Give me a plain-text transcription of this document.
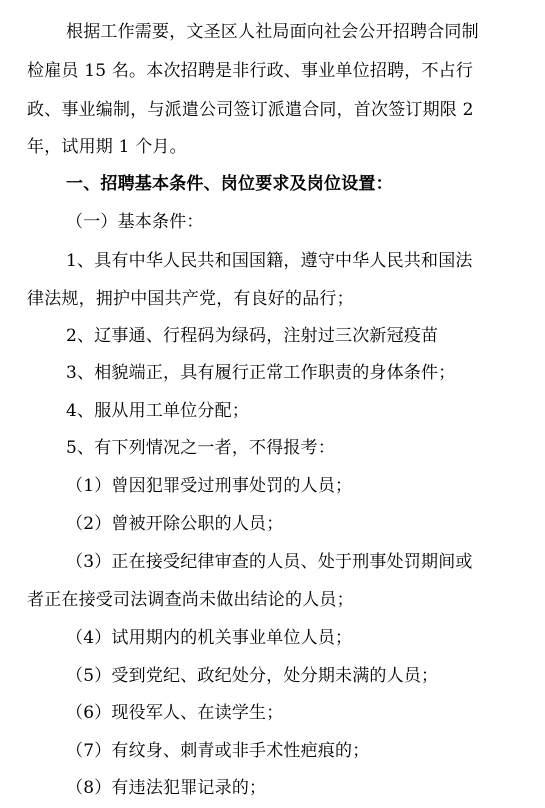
根据工作需要，文圣区人社局面向社会公开招聘合同制
检雇员 15 名。本次招聘是非行政、事业单位招聘，不占行
政、事业编制，与派遣公司签订派遣合同，首次签订期限 2
年，试用期 1 个月。
一、招聘基本条件、岗位要求及岗位设置：
（一）基本条件：
1、具有中华人民共和国国籍，遵守中华人民共和国法
律法规，拥护中国共产党，有良好的品行；
2、辽事通、行程码为绿码，注射过三次新冠疫苗
3、相貌端正，具有履行正常工作职责的身体条件；
4、服从用工单位分配；
5、有下列情况之一者，不得报考：
（1）曾因犯罪受过刑事处罚的人员；
（2）曾被开除公职的人员；
（3）正在接受纪律审查的人员、处于刑事处罚期间或
者正在接受司法调查尚未做出结论的人员；
（4）试用期内的机关事业单位人员；
（5）受到党纪、政纪处分，处分期未满的人员；
（6）现役军人、在读学生；
（7）有纹身、刺青或非手术性疤痕的；
（8）有违法犯罪记录的；
